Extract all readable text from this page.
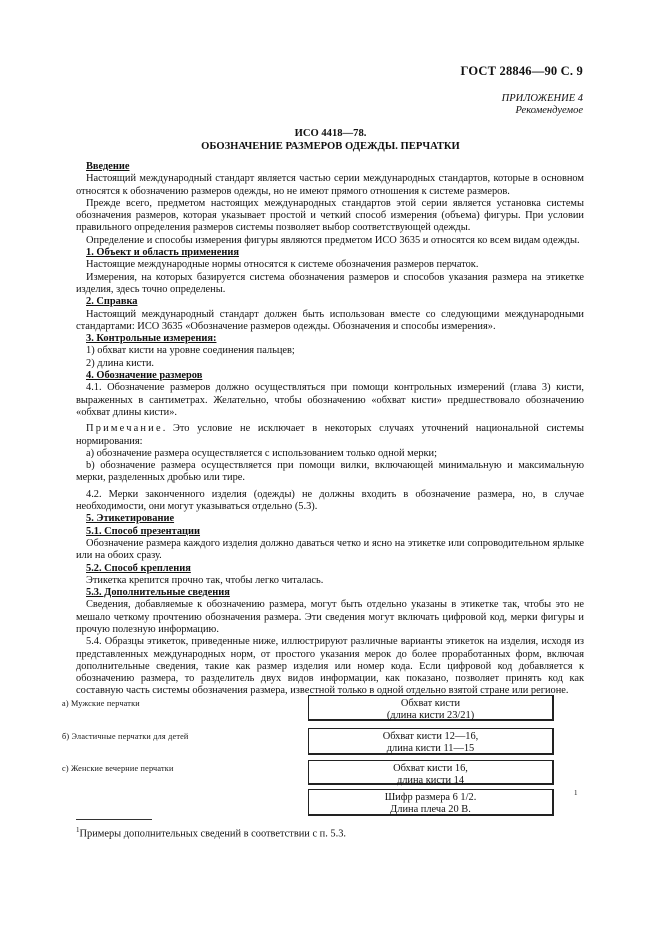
ГОСТ 28846—90 С. 9
ПРИЛОЖЕНИЕ 4
Рекомендуемое
ИСО 4418—78.
ОБОЗНАЧЕНИЕ РАЗМЕРОВ ОДЕЖДЫ. ПЕРЧАТКИ

Введение

Настоящий международный стандарт является частью серии международных стандартов, которые в основном относятся к обозначению размеров одежды, но не имеют прямого отношения к системе размеров.

Прежде всего, предметом настоящих международных стандартов этой серии является установка системы обозначения размеров, которая указывает простой и четкий способ измерения (объема) фигуры. При условии правильного определения размеров системы позволяет выбор соответствующей одежды.

Определение и способы измерения фигуры являются предметом ИСО 3635 и относятся ко всем видам одежды.

1. Объект и область применения

Настоящие международные нормы относятся к системе обозначения размеров перчаток.

Измерения, на которых базируется система обозначения размеров и способов указания размера на этикетке изделия, здесь точно определены.

2. Справка

Настоящий международный стандарт должен быть использован вместе со следующими международными стандартами: ИСО 3635 «Обозначение размеров одежды. Обозначения и способы измерения».

3. Контрольные измерения:

1) обхват кисти на уровне соединения пальцев;

2) длина кисти.

4. Обозначение размеров

4.1. Обозначение размеров должно осуществляться при помощи контрольных измерений (глава 3) кисти, выраженных в сантиметрах. Желательно, чтобы обозначению «обхват кисти» предшествовало обозначению «обхват длины кисти».

Примечание. Это условие не исключает в некоторых случаях уточнений национальной системы нормирования:

а) обозначение размера осуществляется с использованием только одной мерки;

b) обозначение размера осуществляется при помощи вилки, включающей минимальную и максимальную мерки, разделенных дробью или тире.

4.2. Мерки законченного изделия (одежды) не должны входить в обозначение размера, но, в случае необходимости, они могут указываться отдельно (5.3).

5. Этикетирование

5.1. Способ презентации

Обозначение размера каждого изделия должно даваться четко и ясно на этикетке или сопроводительном ярлыке или на обоих сразу.

5.2. Способ крепления

Этикетка крепится прочно так, чтобы легко читалась.

5.3. Дополнительные сведения

Сведения, добавляемые к обозначению размера, могут быть отдельно указаны в этикетке так, чтобы это не мешало четкому прочтению обозначения размера. Эти сведения могут включать цифровой код, мерки фигуры и прочую полезную информацию.

5.4. Образцы этикеток, приведенные ниже, иллюстрируют различные варианты этикеток на изделия, исходя из представленных международных норм, от простого указания мерок до более проработанных форм, включая дополнительные сведения, такие как размер изделия или номер кода. Если цифровой код добавляется к обозначению размера, то разделитель двух видов информации, как показано, позволяет принять код как составную часть системы обозначения размера, известной только в одной отдельно взятой стране или регионе.

а) Мужские перчатки	Обхват кисти
(длина кисти 23/21)
б) Эластичные перчатки для детей	Обхват кисти 12—16,
длина кисти 11—15
с) Женские вечерние перчатки	Обхват кисти 16,
длина кисти 14
Шифр размера 6 1/2.
Длина плеча 20 В.
1
$^1$Примеры дополнительных сведений в соответствии с п. 5.3.
